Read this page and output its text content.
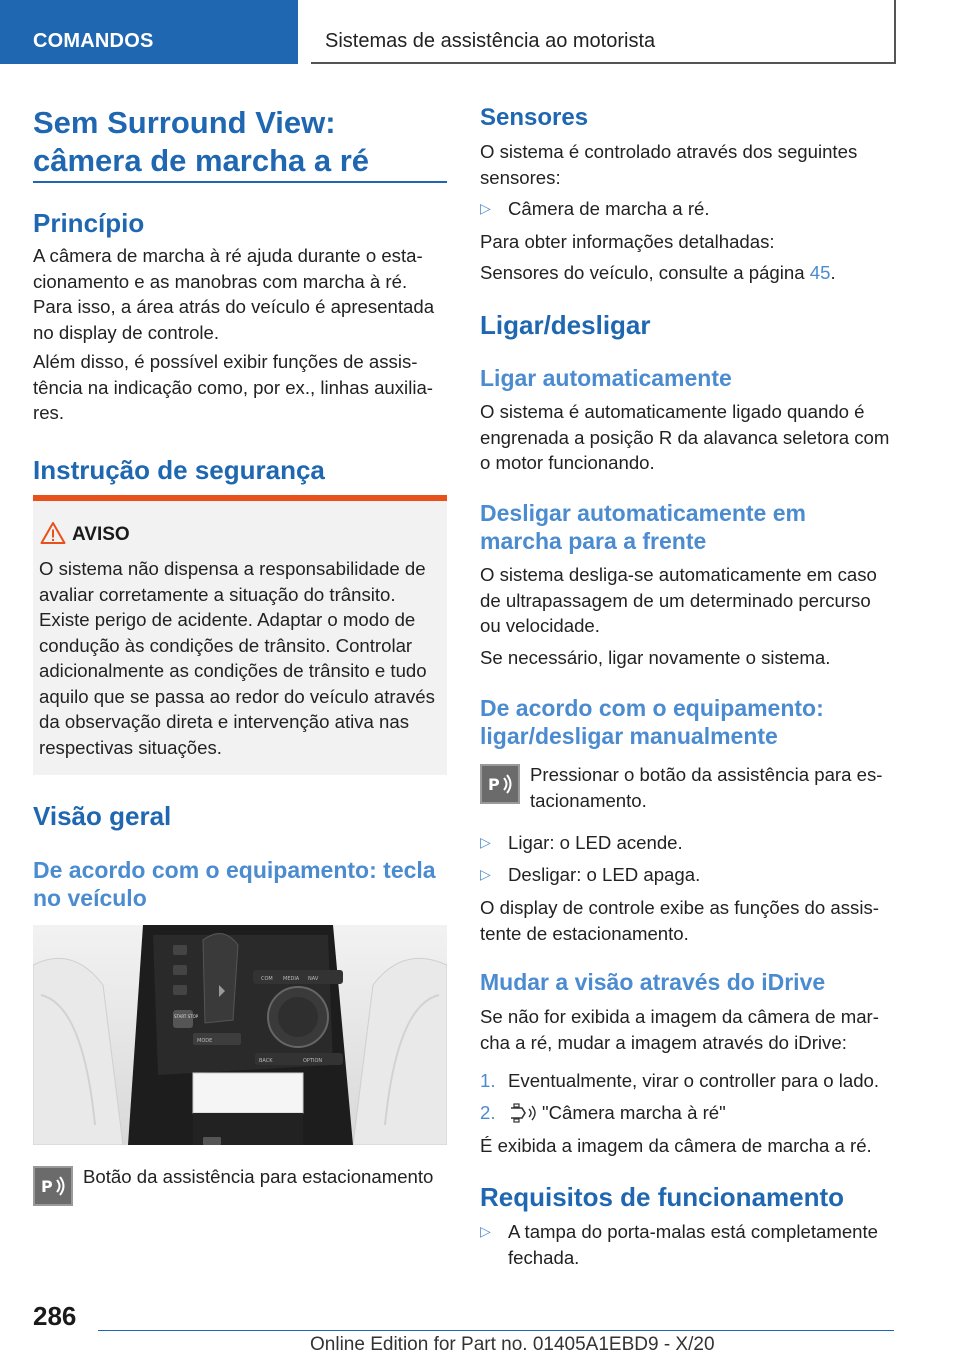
COMANDOS	Sistemas de assistência ao motorista
Sem Surround View:
câmera de marcha a ré
Princípio
A câmera de marcha à ré ajuda durante o esta-
cionamento e as manobras com marcha à ré.
Para isso, a área atrás do veículo é apresentada
no display de controle.
Além disso, é possível exibir funções de assis-
tência na indicação como, por ex., linhas auxilia-
res.
Instrução de segurança
AVISO
O sistema não dispensa a responsabilidade de
avaliar corretamente a situação do trânsito.
Existe perigo de acidente. Adaptar o modo de
condução às condições de trânsito. Controlar
adicionalmente as condições de trânsito e tudo
aquilo que se passa ao redor do veículo através
da observação direta e intervenção ativa nas
respectivas situações.
Visão geral
De acordo com o equipamento: tecla
no veículo
START STOP
MODE
COM MEDIA NAV
BACK	OPTION
P Botão da assistência para estacionamento
Sensores
O sistema é controlado através dos seguintes
sensores:
▷ Câmera de marcha a ré.
Para obter informações detalhadas:
Sensores do veículo, consulte a página 45.
Ligar/desligar
Ligar automaticamente
O sistema é automaticamente ligado quando é
engrenada a posição R da alavanca seletora com
o motor funcionando.
Desligar automaticamente em
marcha para a frente
O sistema desliga-se automaticamente em caso
de ultrapassagem de um determinado percurso
ou velocidade.
Se necessário, ligar novamente o sistema.
De acordo com o equipamento:
ligar/desligar manualmente
P Pressionar o botão da assistência para es-
tacionamento.
▷ Ligar: o LED acende.
▷ Desligar: o LED apaga.
O display de controle exibe as funções do assis-
tente de estacionamento.
Mudar a visão através do iDrive
Se não for exibida a imagem da câmera de mar-
cha a ré, mudar a imagem através do iDrive:
1. Eventualmente, virar o controller para o lado.
2. "Câmera marcha à ré"
É exibida a imagem da câmera de marcha a ré.
Requisitos de funcionamento
▷ A tampa do porta-malas está completamente
fechada.
286
Online Edition for Part no. 01405A1EBD9 - X/20
